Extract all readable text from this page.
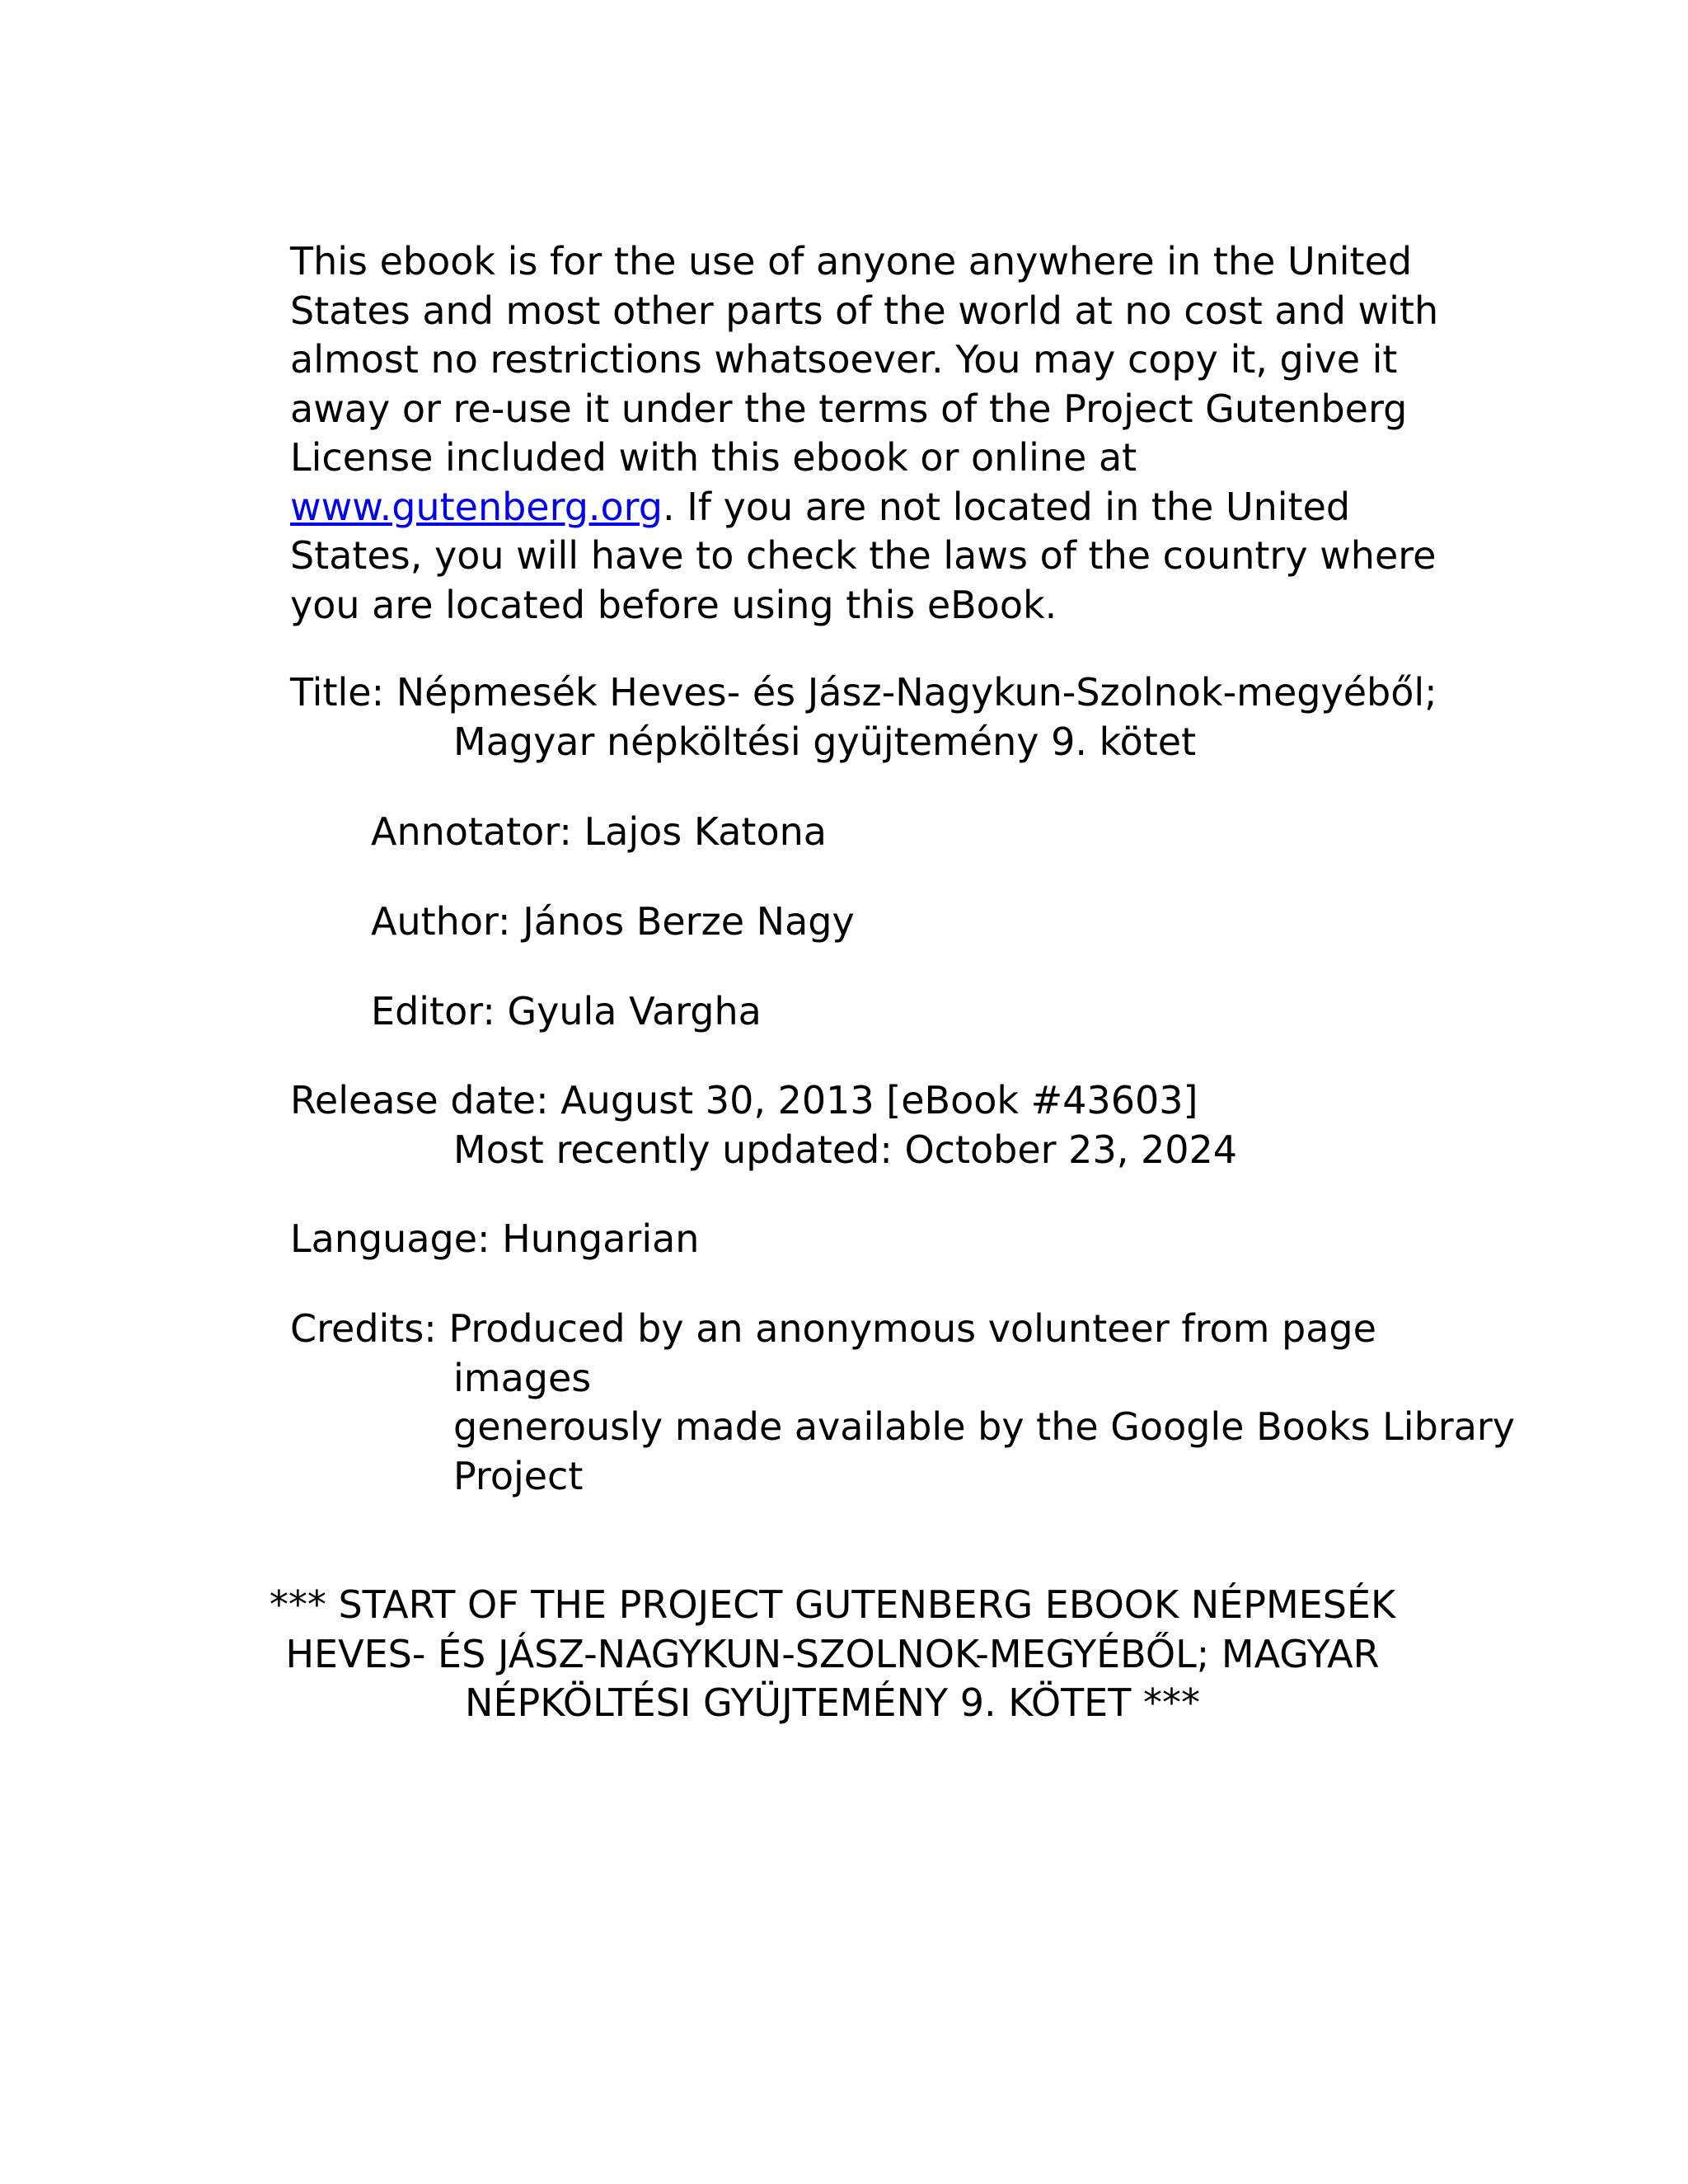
This ebook is for the use of anyone anywhere in the United States and most other parts of the world at no cost and with almost no restrictions whatsoever. You may copy it, give it away or re-use it under the terms of the Project Gutenberg License included with this ebook or online at www.gutenberg.org. If you are not located in the United States, you will have to check the laws of the country where you are located before using this eBook.

Title: Népmesék Heves- és Jász-Nagykun-Szolnok-megyéből;
Magyar népköltési gyüjtemény 9. kötet
Annotator: Lajos Katona
Author: János Berze Nagy
Editor: Gyula Vargha
Release date: August 30, 2013 [eBook #43603]
Most recently updated: October 23, 2024
Language: Hungarian
Credits: Produced by an anonymous volunteer from page
images
generously made available by the Google Books Library
Project

*** START OF THE PROJECT GUTENBERG EBOOK NÉPMESÉK
HEVES- ÉS JÁSZ-NAGYKUN-SZOLNOK-MEGYÉBŐL; MAGYAR
NÉPKÖLTÉSI GYÜJTEMÉNY 9. KÖTET ***
